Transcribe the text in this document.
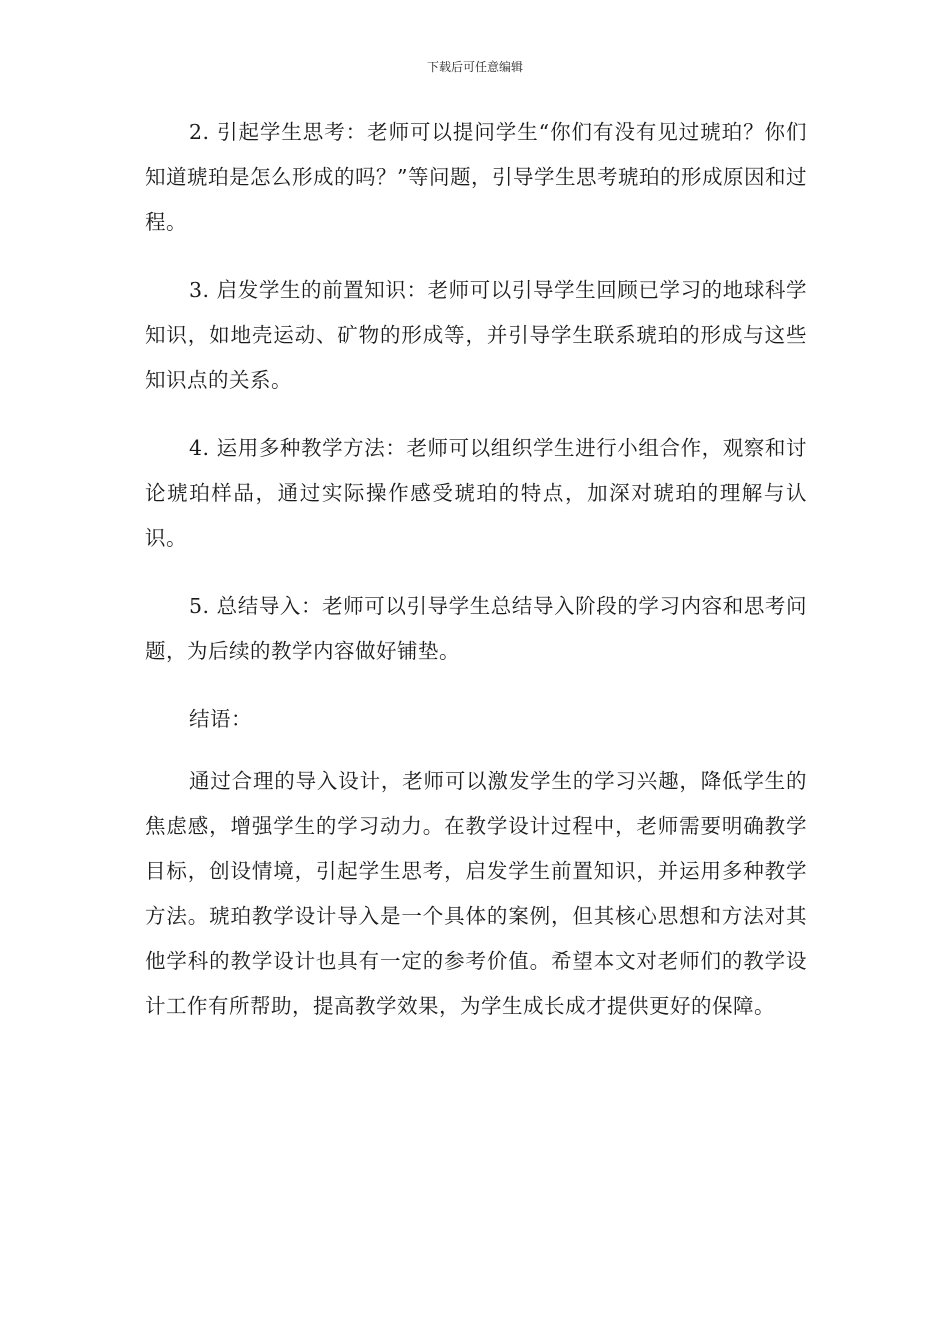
下载后可任意编辑

2. 引起学生思考：老师可以提问学生“你们有没有见过琥珀？你们知道琥珀是怎么形成的吗？”等问题，引导学生思考琥珀的形成原因和过程。

3. 启发学生的前置知识：老师可以引导学生回顾已学习的地球科学知识，如地壳运动、矿物的形成等，并引导学生联系琥珀的形成与这些知识点的关系。

4. 运用多种教学方法：老师可以组织学生进行小组合作，观察和讨论琥珀样品，通过实际操作感受琥珀的特点，加深对琥珀的理解与认识。

5. 总结导入：老师可以引导学生总结导入阶段的学习内容和思考问题，为后续的教学内容做好铺垫。

结语：

通过合理的导入设计，老师可以激发学生的学习兴趣，降低学生的焦虑感，增强学生的学习动力。在教学设计过程中，老师需要明确教学目标，创设情境，引起学生思考，启发学生前置知识，并运用多种教学方法。琥珀教学设计导入是一个具体的案例，但其核心思想和方法对其他学科的教学设计也具有一定的参考价值。希望本文对老师们的教学设计工作有所帮助，提高教学效果，为学生成长成才提供更好的保障。
